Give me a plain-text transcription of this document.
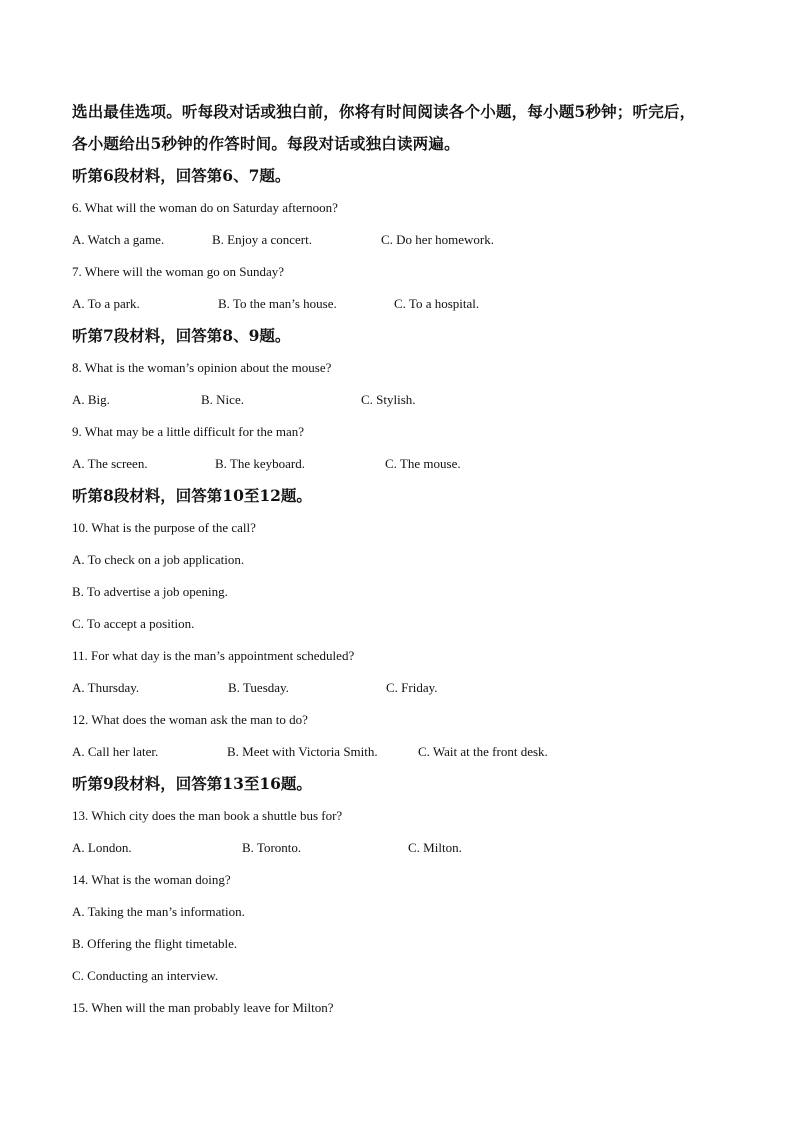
选出最佳选项。听每段对话或独白前，你将有时间阅读各个小题，每小题5秒钟；听完后，

各小题给出5秒钟的作答时间。每段对话或独白读两遍。

听第6段材料，回答第6、7题。

6. What will the woman do on Saturday afternoon?

A. Watch a game.	B. Enjoy a concert.	C. Do her homework.

7. Where will the woman go on Sunday?

A. To a park.	B. To the man’s house.	C. To a hospital.

听第7段材料，回答第8、9题。

8. What is the woman’s opinion about the mouse?

A. Big.	B. Nice.	C. Stylish.

9. What may be a little difficult for the man?

A. The screen.	B. The keyboard.	C. The mouse.

听第8段材料，回答第10至12题。

10. What is the purpose of the call?

A. To check on a job application.

B. To advertise a job opening.

C. To accept a position.

11. For what day is the man’s appointment scheduled?

A. Thursday.	B. Tuesday.	C. Friday.

12. What does the woman ask the man to do?

A. Call her later.	B. Meet with Victoria Smith.	C. Wait at the front desk.

听第9段材料，回答第13至16题。

13. Which city does the man book a shuttle bus for?

A. London.	B. Toronto.	C. Milton.

14. What is the woman doing?

A. Taking the man’s information.

B. Offering the flight timetable.

C. Conducting an interview.

15. When will the man probably leave for Milton?
